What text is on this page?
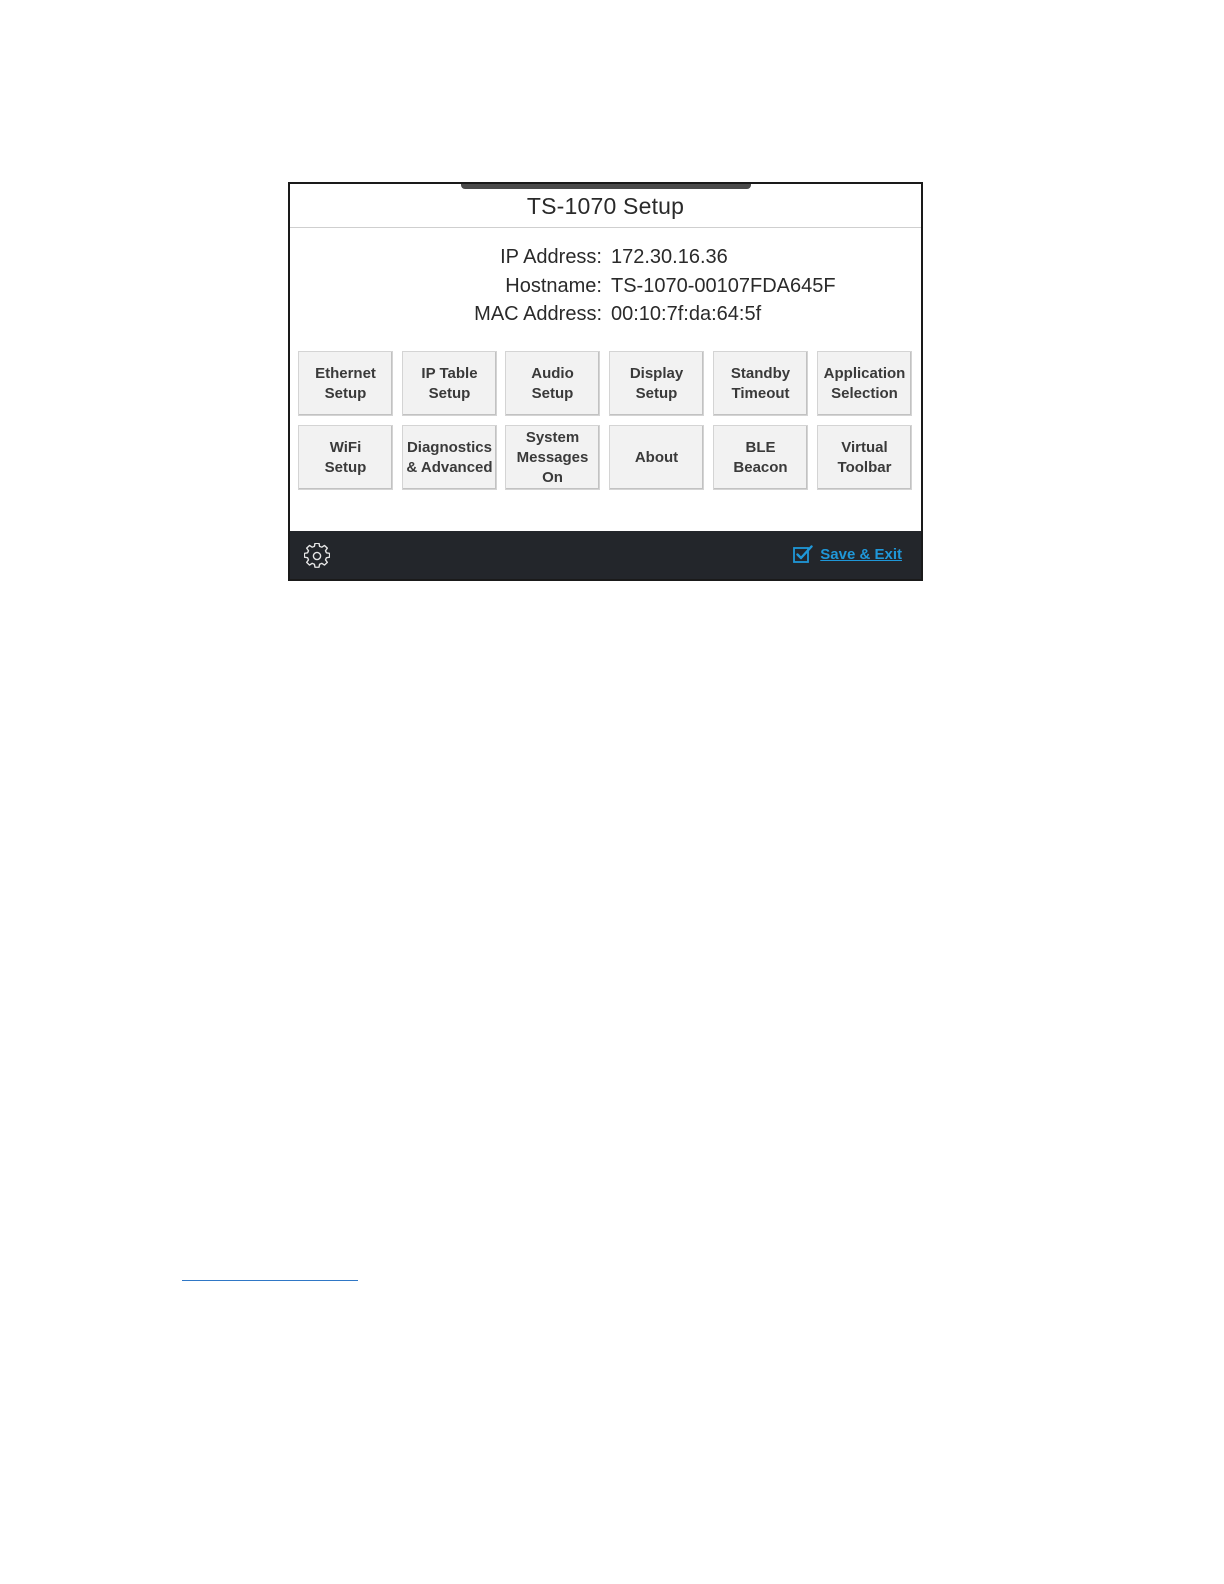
TS-1070 Setup
IP Address: 172.30.16.36
Hostname: TS-1070-00107FDA645F
MAC Address: 00:10:7f:da:64:5f
Ethernet
Setup
IP Table
Setup
Audio
Setup
Display
Setup
Standby
Timeout
Application
Selection
WiFi
Setup
Diagnostics
& Advanced
System
Messages On
About
BLE
Beacon
Virtual
Toolbar
Save & Exit
